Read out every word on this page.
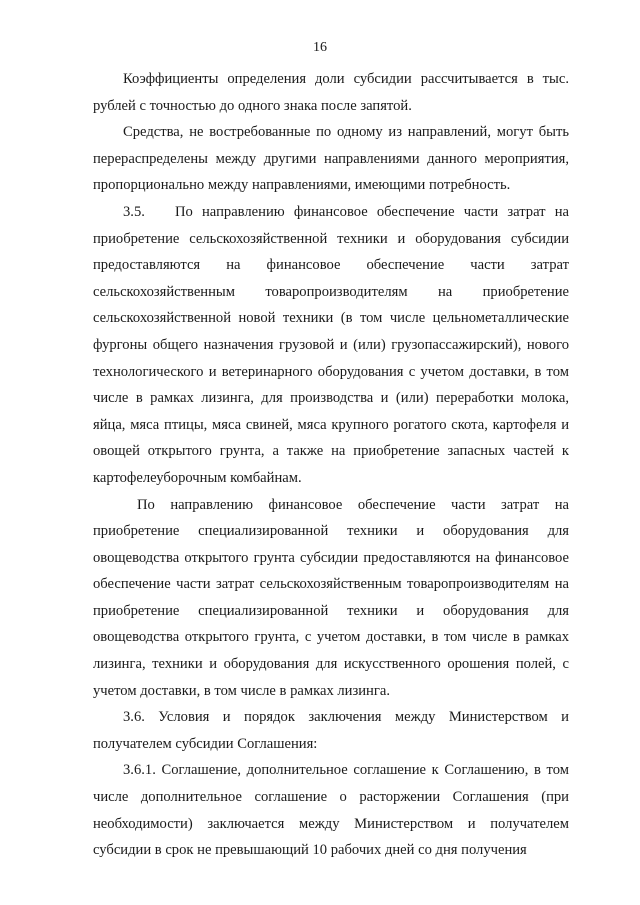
16

Коэффициенты определения доли субсидии рассчитывается в тыс. рублей с точностью до одного знака после запятой.

Средства, не востребованные по одному из направлений, могут быть перераспределены между другими направлениями данного мероприятия, пропорционально между направлениями, имеющими потребность.

3.5. По направлению финансовое обеспечение части затрат на приобретение сельскохозяйственной техники и оборудования субсидии предоставляются на финансовое обеспечение части затрат сельскохозяйственным товаропроизводителям на приобретение сельскохозяйственной новой техники (в том числе цельнометаллические фургоны общего назначения грузовой и (или) грузопассажирский), нового технологического и ветеринарного оборудования с учетом доставки, в том числе в рамках лизинга, для производства и (или) переработки молока, яйца, мяса птицы, мяса свиней, мяса крупного рогатого скота, картофеля и овощей открытого грунта, а также на приобретение запасных частей к картофелеуборочным комбайнам.

По направлению финансовое обеспечение части затрат на приобретение специализированной техники и оборудования для овощеводства открытого грунта субсидии предоставляются на финансовое обеспечение части затрат сельскохозяйственным товаропроизводителям на приобретение специализированной техники и оборудования для овощеводства открытого грунта, с учетом доставки, в том числе в рамках лизинга, техники и оборудования для искусственного орошения полей, с учетом доставки, в том числе в рамках лизинга.

3.6. Условия и порядок заключения между Министерством и получателем субсидии Соглашения:

3.6.1. Соглашение, дополнительное соглашение к Соглашению, в том числе дополнительное соглашение о расторжении Соглашения (при необходимости) заключается между Министерством и получателем субсидии в срок не превышающий 10 рабочих дней со дня получения
